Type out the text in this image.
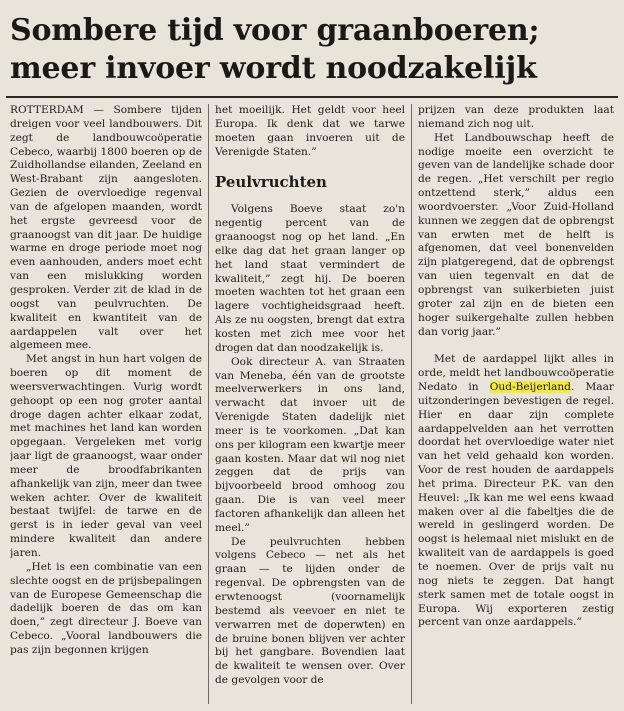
Sombere tijd voor graanboeren; meer invoer wordt noodzakelijk

ROTTERDAM — Sombere tijden dreigen voor veel landbouwers. Dit zegt de landbouwcoöperatie Cebeco, waarbij 1800 boeren op de Zuidhollandse eilanden, Zeeland en West-Brabant zijn aangesloten. Gezien de overvloedige regenval van de afgelopen maanden, wordt het ergste gevreesd voor de graanoogst van dit jaar. De huidige warme en droge periode moet nog even aanhouden, anders moet echt van een mislukking worden gesproken. Verder zit de klad in de oogst van peulvruchten. De kwaliteit en kwantiteit van de aardappelen valt over het algemeen mee.

Met angst in hun hart volgen de boeren op dit moment de weersverwachtingen. Vurig wordt gehoopt op een nog groter aantal droge dagen achter elkaar zodat, met machines het land kan worden opgegaan. Vergeleken met vorig jaar ligt de graanoogst, waar onder meer de broodfabrikanten afhankelijk van zijn, meer dan twee weken achter. Over de kwaliteit bestaat twijfel: de tarwe en de gerst is in ieder geval van veel mindere kwaliteit dan andere jaren.

„Het is een combinatie van een slechte oogst en de prijsbepalingen van de Europese Gemeenschap die dadelijk boeren de das om kan doen,” zegt directeur J. Boeve van Cebeco. „Vooral landbouwers die pas zijn begonnen krijgen

het moeilijk. Het geldt voor heel Europa. Ik denk dat we tarwe moeten gaan invoeren uit de Verenigde Staten.”

Peulvruchten

Volgens Boeve staat zo'n negentig percent van de graanoogst nog op het land. „En elke dag dat het graan langer op het land staat vermindert de kwaliteit,” zegt hij. De boeren moeten wachten tot het graan een lagere vochtigheidsgraad heeft. Als ze nu oogsten, brengt dat extra kosten met zich mee voor het drogen dat dan noodzakelijk is.

Ook directeur A. van Straaten van Meneba, één van de grootste meelverwerkers in ons land, verwacht dat invoer uit de Verenigde Staten dadelijk niet meer is te voorkomen. „Dat kan ons per kilogram een kwartje meer gaan kosten. Maar dat wil nog niet zeggen dat de prijs van bijvoorbeeld brood omhoog zou gaan. Die is van veel meer factoren afhankelijk dan alleen het meel.”

De peulvruchten hebben volgens Cebeco — net als het graan — te lijden onder de regenval. De opbrengsten van de erwtenoogst (voornamelijk bestemd als veevoer en niet te verwarren met de doperwten) en de bruine bonen blijven ver achter bij het gangbare. Bovendien laat de kwaliteit te wensen over. Over de gevolgen voor de

prijzen van deze produkten laat niemand zich nog uit.

Het Landbouwschap heeft de nodige moeite een overzicht te geven van de landelijke schade door de regen. „Het verschilt per regio ontzettend sterk,” aldus een woordvoerster. „Voor Zuid-Holland kunnen we zeggen dat de opbrengst van erwten met de helft is afgenomen, dat veel bonenvelden zijn platgeregend, dat de opbrengst van uien tegenvalt en dat de opbrengst van suikerbieten juist groter zal zijn en de bieten een hoger suikergehalte zullen hebben dan vorig jaar.”

Met de aardappel lijkt alles in orde, meldt het landbouwcoöperatie Nedato in Oud-Beijerland. Maar uitzonderingen bevestigen de regel. Hier en daar zijn complete aardappelvelden aan het verrotten doordat het overvloedige water niet van het veld gehaald kon worden. Voor de rest houden de aardappels het prima. Directeur P.K. van den Heuvel: „Ik kan me wel eens kwaad maken over al die fabeltjes die de wereld in geslingerd worden. De oogst is helemaal niet mislukt en de kwaliteit van de aardappels is goed te noemen. Over de prijs valt nu nog niets te zeggen. Dat hangt sterk samen met de totale oogst in Europa. Wij exporteren zestig percent van onze aardappels.”
